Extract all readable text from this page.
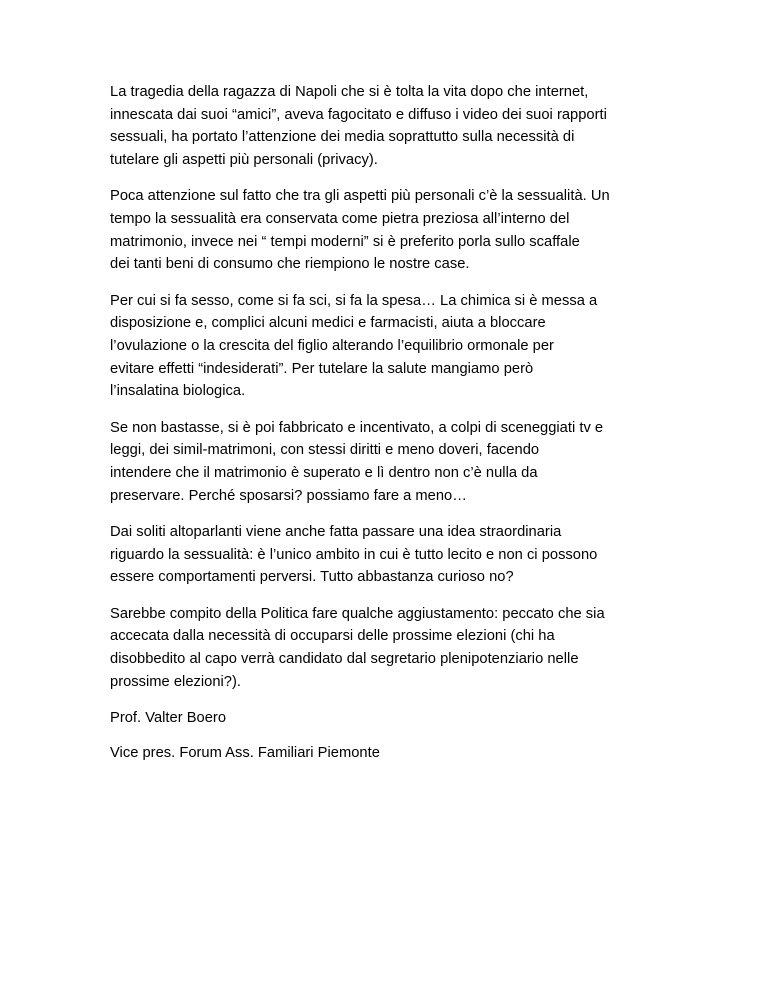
La tragedia della ragazza di Napoli che si è tolta la vita dopo che internet,
innescata dai suoi “amici”, aveva fagocitato e diffuso i video dei suoi rapporti
sessuali, ha portato l’attenzione dei media soprattutto sulla necessità di
tutelare gli aspetti più personali (privacy).

Poca attenzione sul fatto che tra gli aspetti più personali c’è la sessualità. Un
tempo la sessualità era conservata come pietra preziosa all’interno del
matrimonio, invece nei “ tempi moderni” si è preferito porla sullo scaffale
dei tanti beni di consumo che riempiono le nostre case.

Per cui si fa sesso, come si fa sci, si fa la spesa… La chimica si è messa a
disposizione e, complici alcuni medici e farmacisti, aiuta a bloccare
l’ovulazione o la crescita del figlio alterando l’equilibrio ormonale per
evitare effetti “indesiderati”. Per tutelare la salute mangiamo però
l’insalatina biologica.

Se non bastasse, si è poi fabbricato e incentivato, a colpi di sceneggiati tv e
leggi, dei simil-matrimoni, con stessi diritti e meno doveri, facendo
intendere che il matrimonio è superato e lì dentro non c’è nulla da
preservare. Perché sposarsi? possiamo fare a meno…

Dai soliti altoparlanti viene anche fatta passare una idea straordinaria
riguardo la sessualità: è l’unico ambito in cui è tutto lecito e non ci possono
essere comportamenti perversi. Tutto abbastanza curioso no?

Sarebbe compito della Politica fare qualche aggiustamento: peccato che sia
accecata dalla necessità di occuparsi delle prossime elezioni (chi ha
disobbedito al capo verrà candidato dal segretario plenipotenziario nelle
prossime elezioni?).

Prof. Valter Boero

Vice pres. Forum Ass. Familiari Piemonte
